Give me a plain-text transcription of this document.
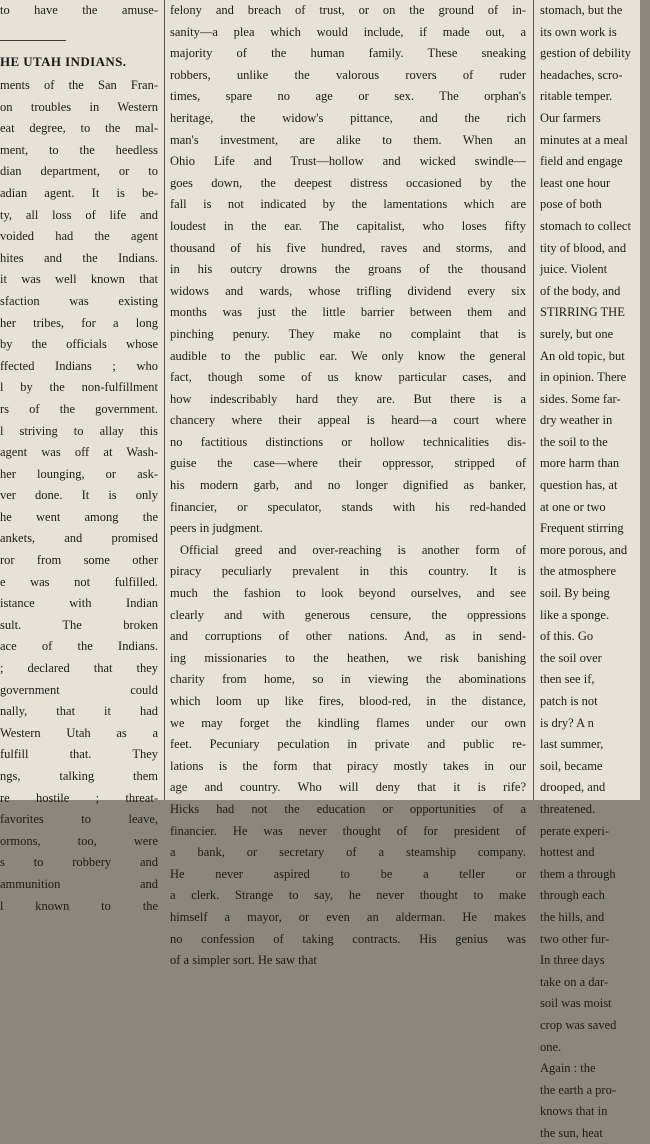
to have the amuse-
ments of the San Fran-
on troubles in Western
eat degree, to the mal-
ment, to the heedless
dian department, or to
adian agent. It is be-
ty, all loss of life and
voided had the agent
hites and the Indians.
it was well known that
sfaction was existing
her tribes, for a long
by the officials whose
ffected Indians ; who
l by the non-fulfillment
rs of the government.
l striving to allay this
agent was off at Wash-
her lounging, or ask-
ver done. It is only
he went among the
ankets, and promised
ror from some other
e was not fulfilled.
istance with Indian
sult. The broken
ace of the Indians.
; declared that they
government could
nally, that it had
Western Utah as a
fulfill that. They
ngs, talking them
re hostile ; threat-
favorites to leave,
ormons, too, were
s to robbery and
ammunition and
l known to the
HE UTAH INDIANS.
felony and breach of trust, or on the ground of in-
sanity—a plea which would include, if made out, a
majority of the human family. These sneaking
robbers, unlike the valorous rovers of ruder
times, spare no age or sex. The orphan's
heritage, the widow's pittance, and the rich
man's investment, are alike to them. When an
Ohio Life and Trust—hollow and wicked swindle—
goes down, the deepest distress occasioned by the
fall is not indicated by the lamentations which are
loudest in the ear. The capitalist, who loses fifty
thousand of his five hundred, raves and storms, and
in his outcry drowns the groans of the thousand
widows and wards, whose trifling dividend every six
months was just the little barrier between them and
pinching penury. They make no complaint that is
audible to the public ear. We only know the general
fact, though some of us know particular cases, and
how indescribably hard they are. But there is a
chancery where their appeal is heard—a court where
no factitious distinctions or hollow technicalities dis-
guise the case—where their oppressor, stripped of
his modern garb, and no longer dignified as banker,
financier, or speculator, stands with his red-handed
peers in judgment.
Official greed and over-reaching is another form of
piracy peculiarly prevalent in this country. It is
much the fashion to look beyond ourselves, and see
clearly and with generous censure, the oppressions
and corruptions of other nations. And, as in send-
ing missionaries to the heathen, we risk banishing
charity from home, so in viewing the abominations
which loom up like fires, blood-red, in the distance,
we may forget the kindling flames under our own
feet. Pecuniary peculation in private and public re-
lations is the form that piracy mostly takes in our
age and country. Who will deny that it is rife?
Hicks had not the education or opportunities of a
financier. He was never thought of for president of
a bank, or secretary of a steamship company.
He never aspired to be a teller or
a clerk. Strange to say, he never thought to make
himself a mayor, or even an alderman. He makes
no confession of taking contracts. His genius was
of a simpler sort. He saw that
stomach, but the
its own work is
gestion of debility
headaches, scro-
ritable temper.
Our farmers
minutes at a meal
field and engage
least one hour
pose of both
stomach to collect
tity of blood, and
juice. Violent
of the body, and
STIRRING THE
surely, but one
An old topic, but
in opinion. There
sides. Some far-
dry weather in
the soil to the
more harm than
question has, at
at one or two
Frequent stirring
more porous, and
the atmosphere
soil. By being
like a sponge.
of this. Go
the soil over
then see if,
patch is not
is dry? A n
last summer,
soil, became
drooped, and
threatened.
perate experi-
hottest and
them a through
through each
the hills, and
two other fur-
In three days
take on a dar-
soil was moist
crop was saved
one.
Again : the
the earth a pro-
knows that in
the sun, heat
